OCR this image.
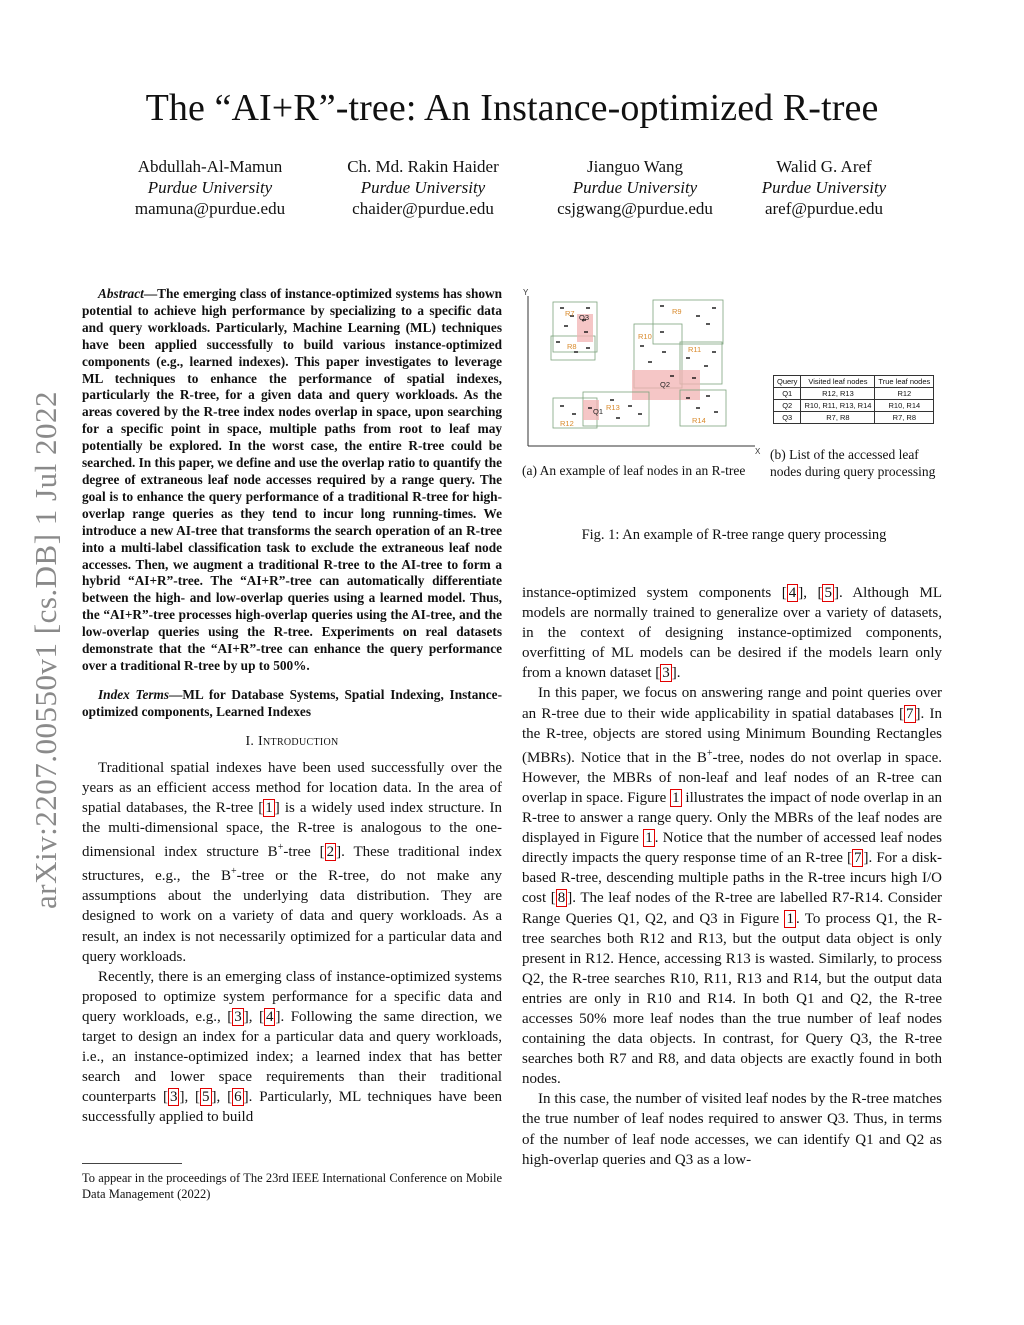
The “AI+R”-tree: An Instance-optimized R-tree
Abdullah-Al-Mamun
Purdue University
mamuna@purdue.edu
Ch. Md. Rakin Haider
Purdue University
chaider@purdue.edu
Jianguo Wang
Purdue University
csjgwang@purdue.edu
Walid G. Aref
Purdue University
aref@purdue.edu
arXiv:2207.00550v1 [cs.DB] 1 Jul 2022

Abstract—The emerging class of instance-optimized systems has shown potential to achieve high performance by specializing to a specific data and query workloads. Particularly, Machine Learning (ML) techniques have been applied successfully to build various instance-optimized components (e.g., learned indexes). This paper investigates to leverage ML techniques to enhance the performance of spatial indexes, particularly the R-tree, for a given data and query workloads. As the areas covered by the R-tree index nodes overlap in space, upon searching for a specific point in space, multiple paths from root to leaf may potentially be explored. In the worst case, the entire R-tree could be searched. In this paper, we define and use the overlap ratio to quantify the degree of extraneous leaf node accesses required by a range query. The goal is to enhance the query performance of a traditional R-tree for high-overlap range queries as they tend to incur long running-times. We introduce a new AI-tree that transforms the search operation of an R-tree into a multi-label classification task to exclude the extraneous leaf node accesses. Then, we augment a traditional R-tree to the AI-tree to form a hybrid “AI+R”-tree. The “AI+R”-tree can automatically differentiate between the high- and low-overlap queries using a learned model. Thus, the “AI+R”-tree processes high-overlap queries using the AI-tree, and the low-overlap queries using the R-tree. Experiments on real datasets demonstrate that the “AI+R”-tree can enhance the query performance over a traditional R-tree by up to 500%.

Index Terms—ML for Database Systems, Spatial Indexing, Instance-optimized components, Learned Indexes

I. Introduction

Traditional spatial indexes have been used successfully over the years as an efficient access method for location data. In the area of spatial databases, the R-tree [ 1 ] is a widely used index structure. In the multi-dimensional space, the R-tree is analogous to the one-dimensional index structure B+-tree [ 2 ]. These traditional index structures, e.g., the B+-tree or the R-tree, do not make any assumptions about the underlying data distribution. They are designed to work on a variety of data and query workloads. As a result, an index is not necessarily optimized for a particular data and query workloads.

Recently, there is an emerging class of instance-optimized systems proposed to optimize system performance for a specific data and query workloads, e.g., [ 3 ], [ 4 ]. Following the same direction, we target to design an index for a particular data and query workloads, i.e., an instance-optimized index; a learned index that has better search and lower space requirements than their traditional counterparts [ 3 ], [ 5 ], [ 6 ]. Particularly, ML techniques have been successfully applied to build

To appear in the proceedings of The 23rd IEEE International Conference on Mobile Data Management (2022)
Y
X
R7
R8
R9
R10
R11
R12
R13
R14
Q3
Q2
Q1
Query	Visited leaf nodes	True leaf nodes
Q1	R12, R13	R12
Q2	R10, R11, R13, R14	R10, R14
Q3	R7, R8	R7, R8
(a) An example of leaf nodes in an R-tree
(b) List of the accessed leaf nodes during query processing
Fig. 1: An example of R-tree range query processing

instance-optimized system components [ 4 ], [ 5 ]. Although ML models are normally trained to generalize over a variety of datasets, in the context of designing instance-optimized components, overfitting of ML models can be desired if the models learn only from a known dataset [ 3 ].

In this paper, we focus on answering range and point queries over an R-tree due to their wide applicability in spatial databases [ 7 ]. In the R-tree, objects are stored using Minimum Bounding Rectangles (MBRs). Notice that in the B+-tree, nodes do not overlap in space. However, the MBRs of non-leaf and leaf nodes of an R-tree can overlap in space. Figure 1 illustrates the impact of node overlap in an R-tree to answer a range query. Only the MBRs of the leaf nodes are displayed in Figure 1 . Notice that the number of accessed leaf nodes directly impacts the query response time of an R-tree [ 7 ]. For a disk-based R-tree, descending multiple paths in the R-tree incurs high I/O cost [ 8 ]. The leaf nodes of the R-tree are labelled R7-R14. Consider Range Queries Q1, Q2, and Q3 in Figure 1 . To process Q1, the R-tree searches both R12 and R13, but the output data object is only present in R12. Hence, accessing R13 is wasted. Similarly, to process Q2, the R-tree searches R10, R11, R13 and R14, but the output data entries are only in R10 and R14. In both Q1 and Q2, the R-tree accesses 50% more leaf nodes than the true number of leaf nodes containing the data objects. In contrast, for Query Q3, the R-tree searches both R7 and R8, and data objects are exactly found in both nodes.

In this case, the number of visited leaf nodes by the R-tree matches the true number of leaf nodes required to answer Q3. Thus, in terms of the number of leaf node accesses, we can identify Q1 and Q2 as high-overlap queries and Q3 as a low-
